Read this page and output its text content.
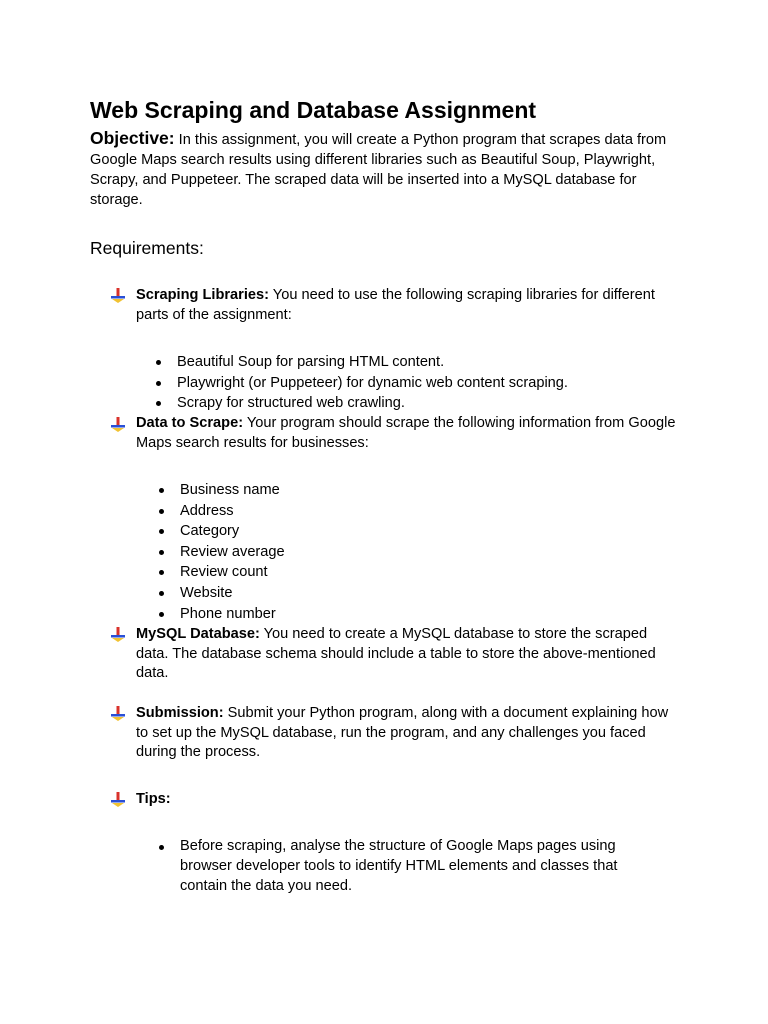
Web Scraping and Database Assignment

Objective: In this assignment, you will create a Python program that scrapes data from Google Maps search results using different libraries such as Beautiful Soup, Playwright, Scrapy, and Puppeteer. The scraped data will be inserted into a MySQL database for storage.

Requirements:
Scraping Libraries: You need to use the following scraping libraries for different parts of the assignment:
Beautiful Soup for parsing HTML content.
Playwright (or Puppeteer) for dynamic web content scraping.
Scrapy for structured web crawling.
Data to Scrape: Your program should scrape the following information from Google Maps search results for businesses:
Business name
Address
Category
Review average
Review count
Website
Phone number
MySQL Database: You need to create a MySQL database to store the scraped data. The database schema should include a table to store the above-mentioned data.
Submission: Submit your Python program, along with a document explaining how to set up the MySQL database, run the program, and any challenges you faced during the process.
Tips:
Before scraping, analyse the structure of Google Maps pages using browser developer tools to identify HTML elements and classes that contain the data you need.
